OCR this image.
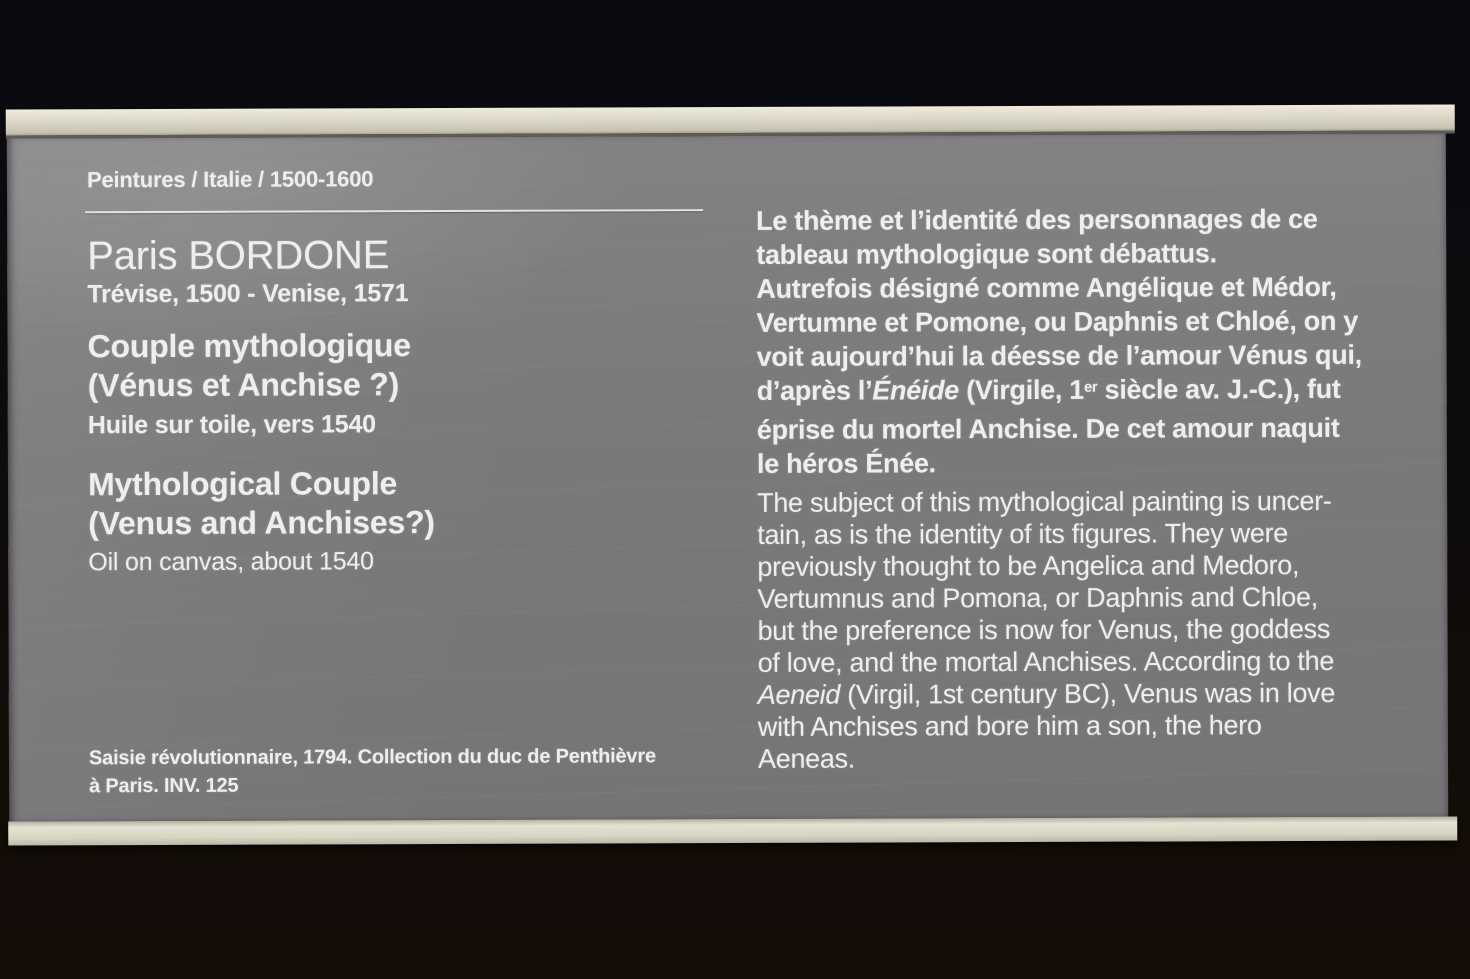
Peintures / Italie / 1500-1600
Paris BORDONE
Trévise, 1500 - Venise, 1571
Couple mythologique
(Vénus et Anchise ?)
Huile sur toile, vers 1540
Mythological Couple
(Venus and Anchises?)
Oil on canvas, about 1540
Saisie révolutionnaire, 1794. Collection du duc de Penthièvre
à Paris. INV. 125
Le thème et l’identité des personnages de ce
tableau mythologique sont débattus.
Autrefois désigné comme Angélique et Médor,
Vertumne et Pomone, ou Daphnis et Chloé, on y
voit aujourd’hui la déesse de l’amour Vénus qui,
d’après l’Énéide (Virgile, 1er siècle av. J.-C.), fut
éprise du mortel Anchise. De cet amour naquit
le héros Énée.
The subject of this mythological painting is uncer-
tain, as is the identity of its figures. They were
previously thought to be Angelica and Medoro,
Vertumnus and Pomona, or Daphnis and Chloe,
but the preference is now for Venus, the goddess
of love, and the mortal Anchises. According to the
Aeneid (Virgil, 1st century BC), Venus was in love
with Anchises and bore him a son, the hero
Aeneas.
